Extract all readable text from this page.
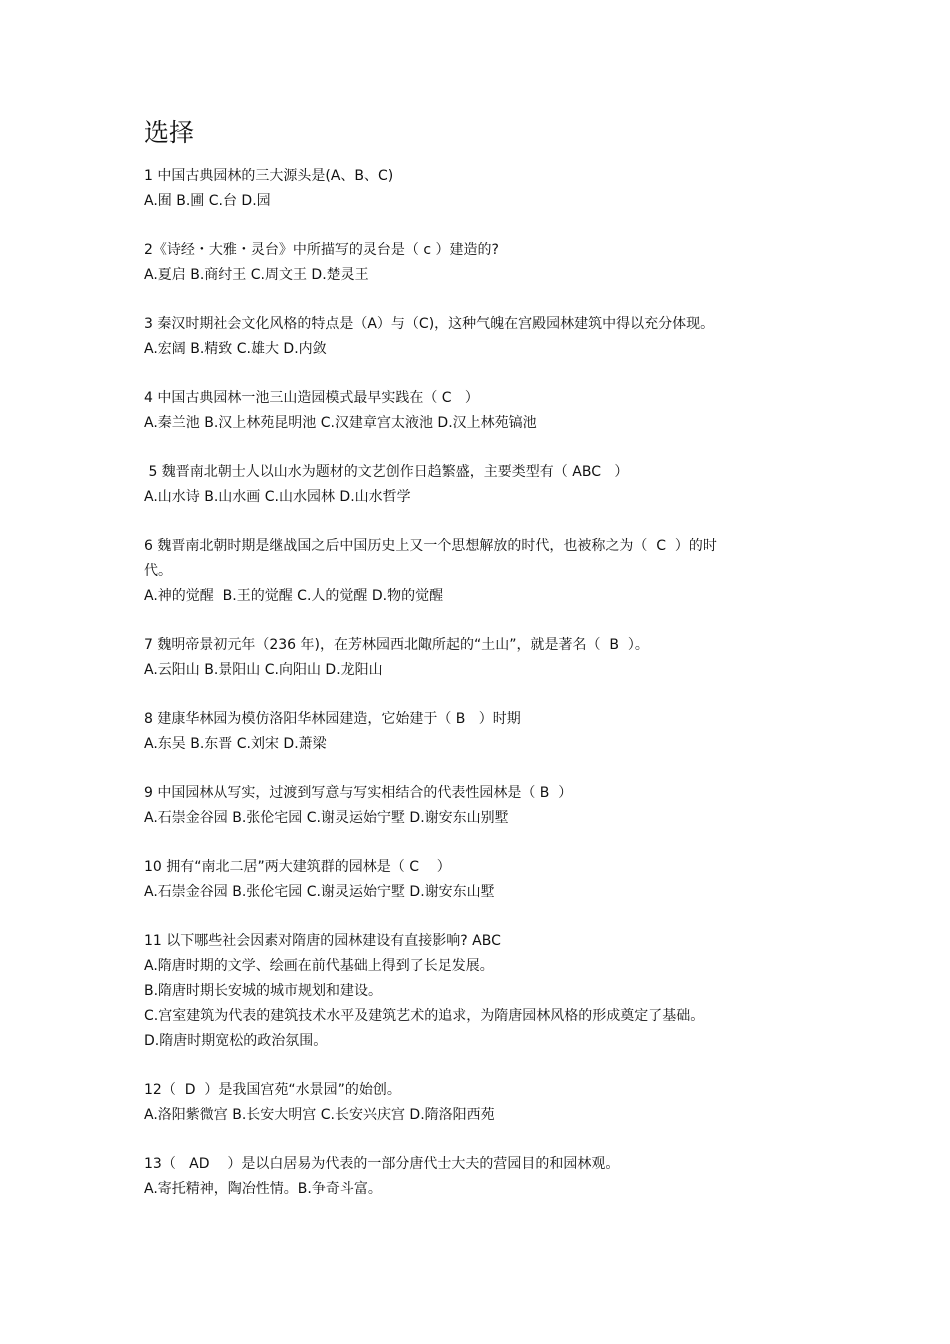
选择

1 中国古典园林的三大源头是(A、B、C)

A.囿 B.圃 C.台 D.园

2《诗经・大雅・灵台》中所描写的灵台是（ c ）建造的?

A.夏启 B.商纣王 C.周文王 D.楚灵王

3 秦汉时期社会文化风格的特点是（A）与（C)，这种气魄在宫殿园林建筑中得以充分体现。

A.宏阔 B.精致 C.雄大 D.内敛

4 中国古典园林一池三山造园模式最早实践在（ C   ）

A.秦兰池 B.汉上林苑昆明池 C.汉建章宫太液池 D.汉上林苑镐池

5 魏晋南北朝士人以山水为题材的文艺创作日趋繁盛，主要类型有（ ABC   ）

A.山水诗 B.山水画 C.山水园林 D.山水哲学

6 魏晋南北朝时期是继战国之后中国历史上又一个思想解放的时代，也被称之为（  C  ）的时

代。

A.神的觉醒  B.王的觉醒 C.人的觉醒 D.物的觉醒

7 魏明帝景初元年（236 年)，在芳林园西北陬所起的“土山”，就是著名（  B  ）。

A.云阳山 B.景阳山 C.向阳山 D.龙阳山

8 建康华林园为模仿洛阳华林园建造，它始建于（ B   ）时期

A.东吴 B.东晋 C.刘宋 D.萧梁

9 中国园林从写实，过渡到写意与写实相结合的代表性园林是（ B  ）

A.石崇金谷园 B.张伦宅园 C.谢灵运始宁墅 D.谢安东山别墅

10 拥有“南北二居”两大建筑群的园林是（ C    ）

A.石崇金谷园 B.张伦宅园 C.谢灵运始宁墅 D.谢安东山墅

11 以下哪些社会因素对隋唐的园林建设有直接影响? ABC

A.隋唐时期的文学、绘画在前代基础上得到了长足发展。

B.隋唐时期长安城的城市规划和建设。

C.宫室建筑为代表的建筑技术水平及建筑艺术的追求，为隋唐园林风格的形成奠定了基础。

D.隋唐时期宽松的政治氛围。

12（  D  ）是我国宫苑“水景园”的始创。

A.洛阳紫微宫 B.长安大明宫 C.长安兴庆宫 D.隋洛阳西苑

13（   AD    ）是以白居易为代表的一部分唐代士大夫的营园目的和园林观。

A.寄托精神，陶冶性情。B.争奇斗富。
